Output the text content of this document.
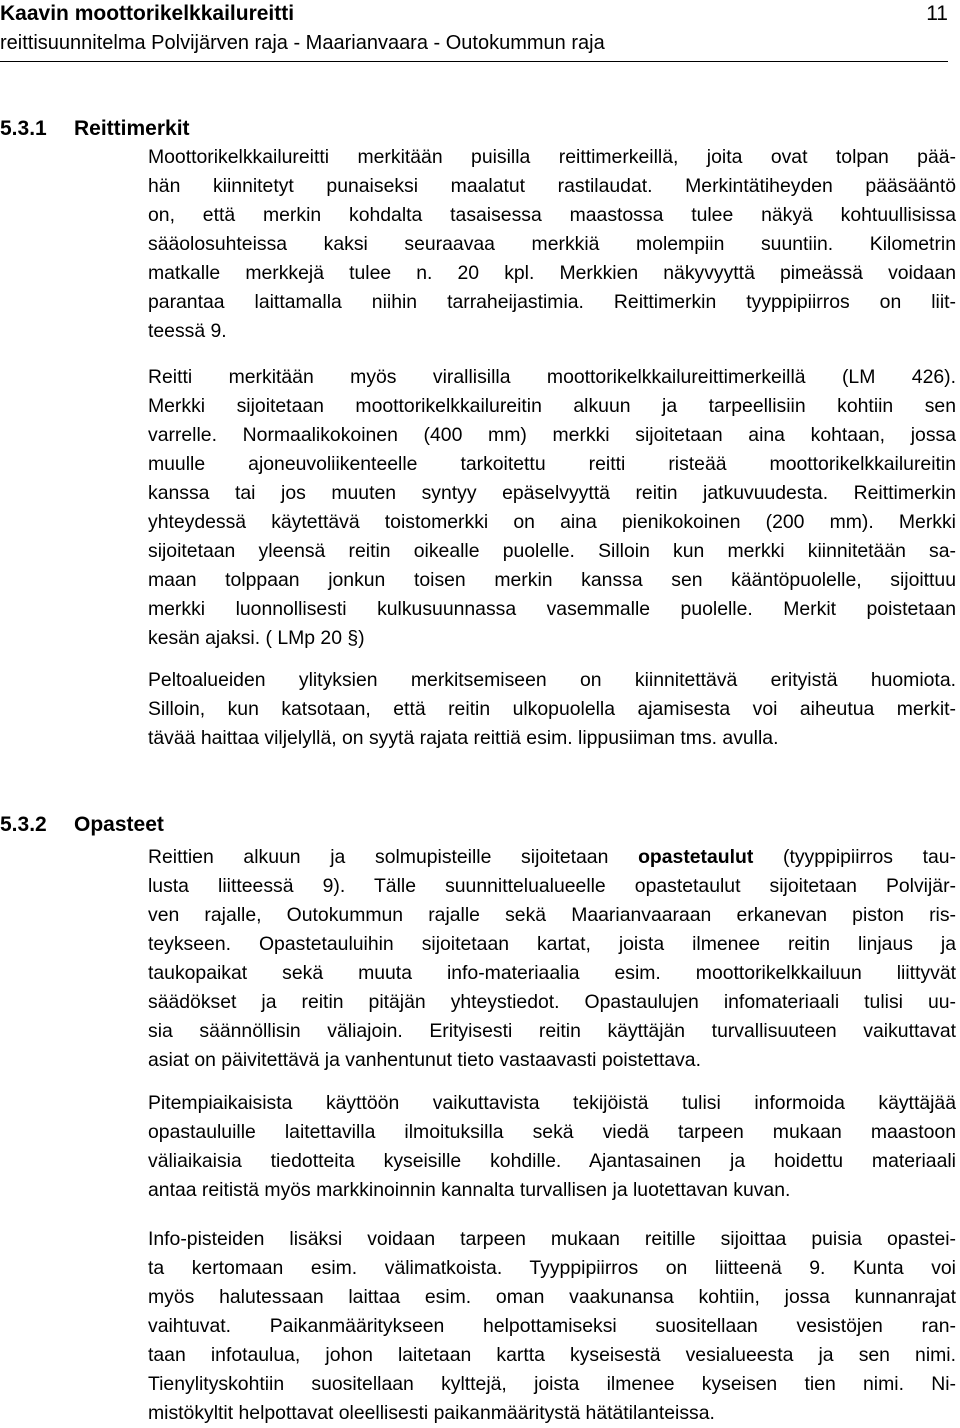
Kaavin moottorikelkkailureitti	11
reittisuunnitelma Polvijärven raja - Maarianvaara - Outokummun raja
5.3.1 Reittimerkit

Moottorikelkkailureitti merkitään puisilla reittimerkeillä, joita ovat tolpan pää-
hän kiinnitetyt punaiseksi maalatut rastilaudat. Merkintätiheyden pääsääntö
on, että merkin kohdalta tasaisessa maastossa tulee näkyä kohtuullisissa
sääolosuhteissa kaksi seuraavaa merkkiä molempiin suuntiin. Kilometrin
matkalle merkkejä tulee n. 20 kpl. Merkkien näkyvyyttä pimeässä voidaan
parantaa laittamalla niihin tarraheijastimia. Reittimerkin tyyppipiirros on liit-
teessä 9.

Reitti merkitään myös virallisilla moottorikelkkailureittimerkeillä (LM 426).
Merkki sijoitetaan moottorikelkkailureitin alkuun ja tarpeellisiin kohtiin sen
varrelle. Normaalikokoinen (400 mm) merkki sijoitetaan aina kohtaan, jossa
muulle ajoneuvoliikenteelle tarkoitettu reitti risteää moottorikelkkailureitin
kanssa tai jos muuten syntyy epäselvyyttä reitin jatkuvuudesta. Reittimerkin
yhteydessä käytettävä toistomerkki on aina pienikokoinen (200 mm). Merkki
sijoitetaan yleensä reitin oikealle puolelle. Silloin kun merkki kiinnitetään sa-
maan tolppaan jonkun toisen merkin kanssa sen kääntöpuolelle, sijoittuu
merkki luonnollisesti kulkusuunnassa vasemmalle puolelle. Merkit poistetaan
kesän ajaksi. ( LMp 20 §)

Peltoalueiden ylityksien merkitsemiseen on kiinnitettävä erityistä huomiota.
Silloin, kun katsotaan, että reitin ulkopuolella ajamisesta voi aiheutua merkit-
tävää haittaa viljelyllä, on syytä rajata reittiä esim. lippusiiman tms. avulla.

5.3.2 Opasteet

Reittien alkuun ja solmupisteille sijoitetaan opastetaulut (tyyppipiirros tau-
lusta liitteessä 9). Tälle suunnittelualueelle opastetaulut sijoitetaan Polvijär-
ven rajalle, Outokummun rajalle sekä Maarianvaaraan erkanevan piston ris-
teykseen. Opastetauluihin sijoitetaan kartat, joista ilmenee reitin linjaus ja
taukopaikat sekä muuta info-materiaalia esim. moottorikelkkailuun liittyvät
säädökset ja reitin pitäjän yhteystiedot. Opastaulujen infomateriaali tulisi uu-
sia säännöllisin väliajoin. Erityisesti reitin käyttäjän turvallisuuteen vaikuttavat
asiat on päivitettävä ja vanhentunut tieto vastaavasti poistettava.

Pitempiaikaisista käyttöön vaikuttavista tekijöistä tulisi informoida käyttäjää
opastauluille laitettavilla ilmoituksilla sekä viedä tarpeen mukaan maastoon
väliaikaisia tiedotteita kyseisille kohdille. Ajantasainen ja hoidettu materiaali
antaa reitistä myös markkinoinnin kannalta turvallisen ja luotettavan kuvan.

Info-pisteiden lisäksi voidaan tarpeen mukaan reitille sijoittaa puisia opastei-
ta kertomaan esim. välimatkoista. Tyyppipiirros on liitteenä 9. Kunta voi
myös halutessaan laittaa esim. oman vaakunansa kohtiin, jossa kunnanrajat
vaihtuvat. Paikanmääritykseen helpottamiseksi suositellaan vesistöjen ran-
taan infotaulua, johon laitetaan kartta kyseisestä vesialueesta ja sen nimi.
Tienylityskohtiin suositellaan kylttejä, joista ilmenee kyseisen tien nimi. Ni-
mistökyltit helpottavat oleellisesti paikanmääritystä hätätilanteissa.
